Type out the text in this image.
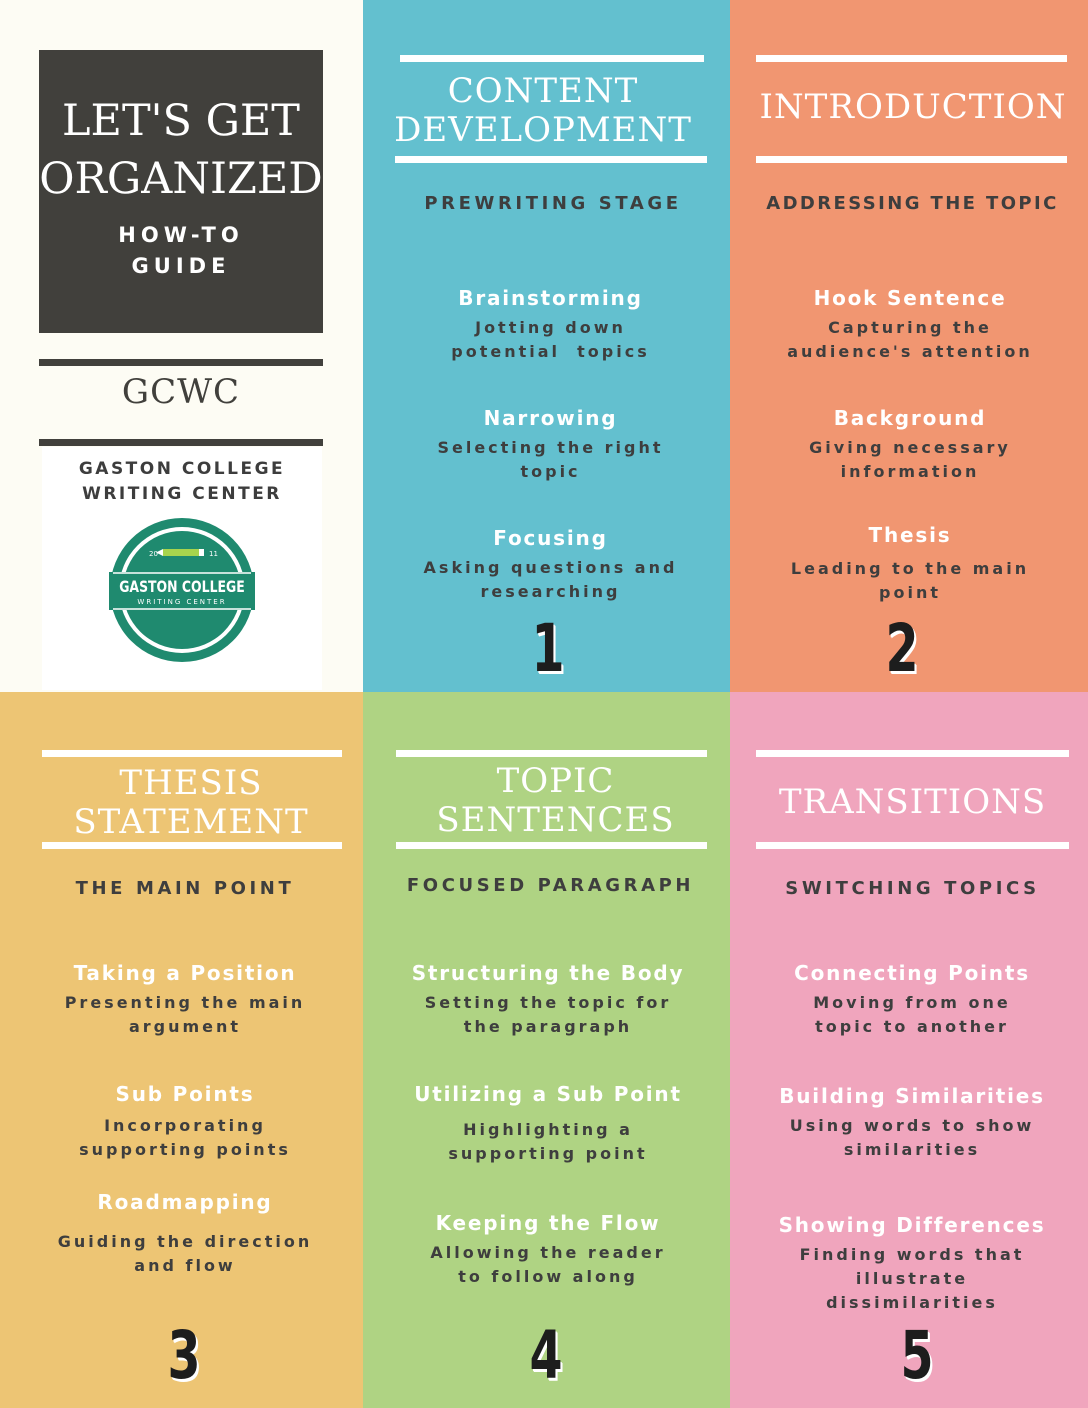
LET'S GET
ORGANIZED
HOW-TO
GUIDE
GCWC
GASTON COLLEGE
WRITING CENTER
20	11
GASTON COLLEGE
WRITING CENTER
CONTENT
DEVELOPMENT
PREWRITING STAGE
Brainstorming
Jotting down
potential  topics
Narrowing
Selecting the right
topic
Focusing
Asking questions and
researching
1
INTRODUCTION
ADDRESSING THE TOPIC
Hook Sentence
Capturing the
audience's attention
Background
Giving necessary
information
Thesis
Leading to the main
point
2
THESIS
STATEMENT
THE MAIN POINT
Taking a Position
Presenting the main
argument
Sub Points
Incorporating
supporting points
Roadmapping
Guiding the direction
and flow
3
TOPIC
SENTENCES
FOCUSED PARAGRAPH
Structuring the Body
Setting the topic for
the paragraph
Utilizing a Sub Point
Highlighting a
supporting point
Keeping the Flow
Allowing the reader
to follow along
4
TRANSITIONS
SWITCHING TOPICS
Connecting Points
Moving from one
topic to another
Building Similarities
Using words to show
similarities
Showing Differences
Finding words that
illustrate
dissimilarities
5
